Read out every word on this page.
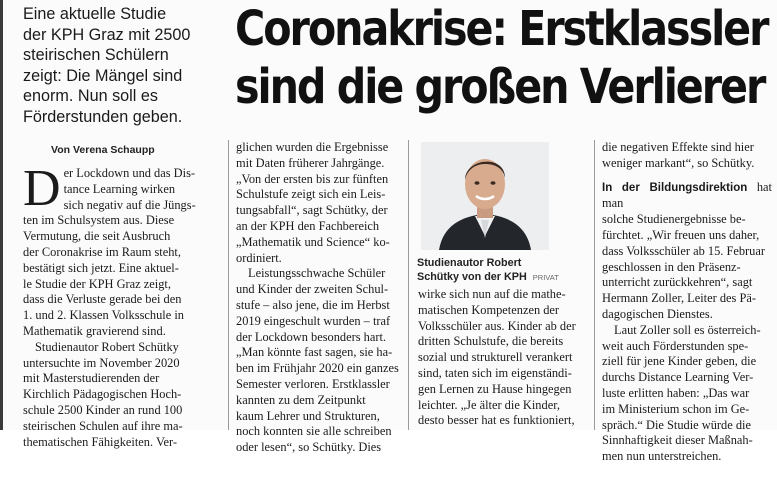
Eine aktuelle Studie
der KPH Graz mit 2500
steirischen Schülern
zeigt: Die Mängel sind
enorm. Nun soll es
Förderstunden geben.
Coronakrise: Erstklassler
sind die großen Verlierer
Von Verena Schaupp
D er Lockdown und das Dis-

tance Learning wirken

sich negativ auf die Jüngs-

ten im Schulsystem aus. Diese

Vermutung, die seit Ausbruch

der Coronakrise im Raum steht,

bestätigt sich jetzt. Eine aktuel-

le Studie der KPH Graz zeigt,

dass die Verluste gerade bei den

1. und 2. Klassen Volksschule in

Mathematik gravierend sind.

Studienautor Robert Schütky

untersuchte im November 2020

mit Masterstudierenden der

Kirchlich Pädagogischen Hoch-

schule 2500 Kinder an rund 100

steirischen Schulen auf ihre ma-

thematischen Fähigkeiten. Ver-

glichen wurden die Ergebnisse

mit Daten früherer Jahrgänge.

„Von der ersten bis zur fünften

Schulstufe zeigt sich ein Leis-

tungsabfall“, sagt Schütky, der

an der KPH den Fachbereich

„Mathematik und Science“ ko-

ordiniert.

Leistungsschwache Schüler

und Kinder der zweiten Schul-

stufe – also jene, die im Herbst

2019 eingeschult wurden – traf

der Lockdown besonders hart.

„Man könnte fast sagen, sie ha-

ben im Frühjahr 2020 ein ganzes

Semester verloren. Erstklassler

kannten zu dem Zeitpunkt

kaum Lehrer und Strukturen,

noch konnten sie alle schreiben

oder lesen“, so Schütky. Dies

Studienautor Robert
Schütky von der KPH PRIVAT

wirke sich nun auf die mathe-

matischen Kompetenzen der

Volksschüler aus. Kinder ab der

dritten Schulstufe, die bereits

sozial und strukturell verankert

sind, taten sich im eigenständi-

gen Lernen zu Hause hingegen

leichter. „Je älter die Kinder,

desto besser hat es funktioniert,

die negativen Effekte sind hier

weniger markant“, so Schütky.

In der Bildungsdirektion hat man

solche Studienergebnisse be-

fürchtet. „Wir freuen uns daher,

dass Volksschüler ab 15. Februar

geschlossen in den Präsenz-

unterricht zurückkehren“, sagt

Hermann Zoller, Leiter des Pä-

dagogischen Dienstes.

Laut Zoller soll es österreich-

weit auch Förderstunden spe-

ziell für jene Kinder geben, die

durchs Distance Learning Ver-

luste erlitten haben: „Das war

im Ministerium schon im Ge-

spräch.“ Die Studie würde die

Sinnhaftigkeit dieser Maßnah-

men nun unterstreichen.
